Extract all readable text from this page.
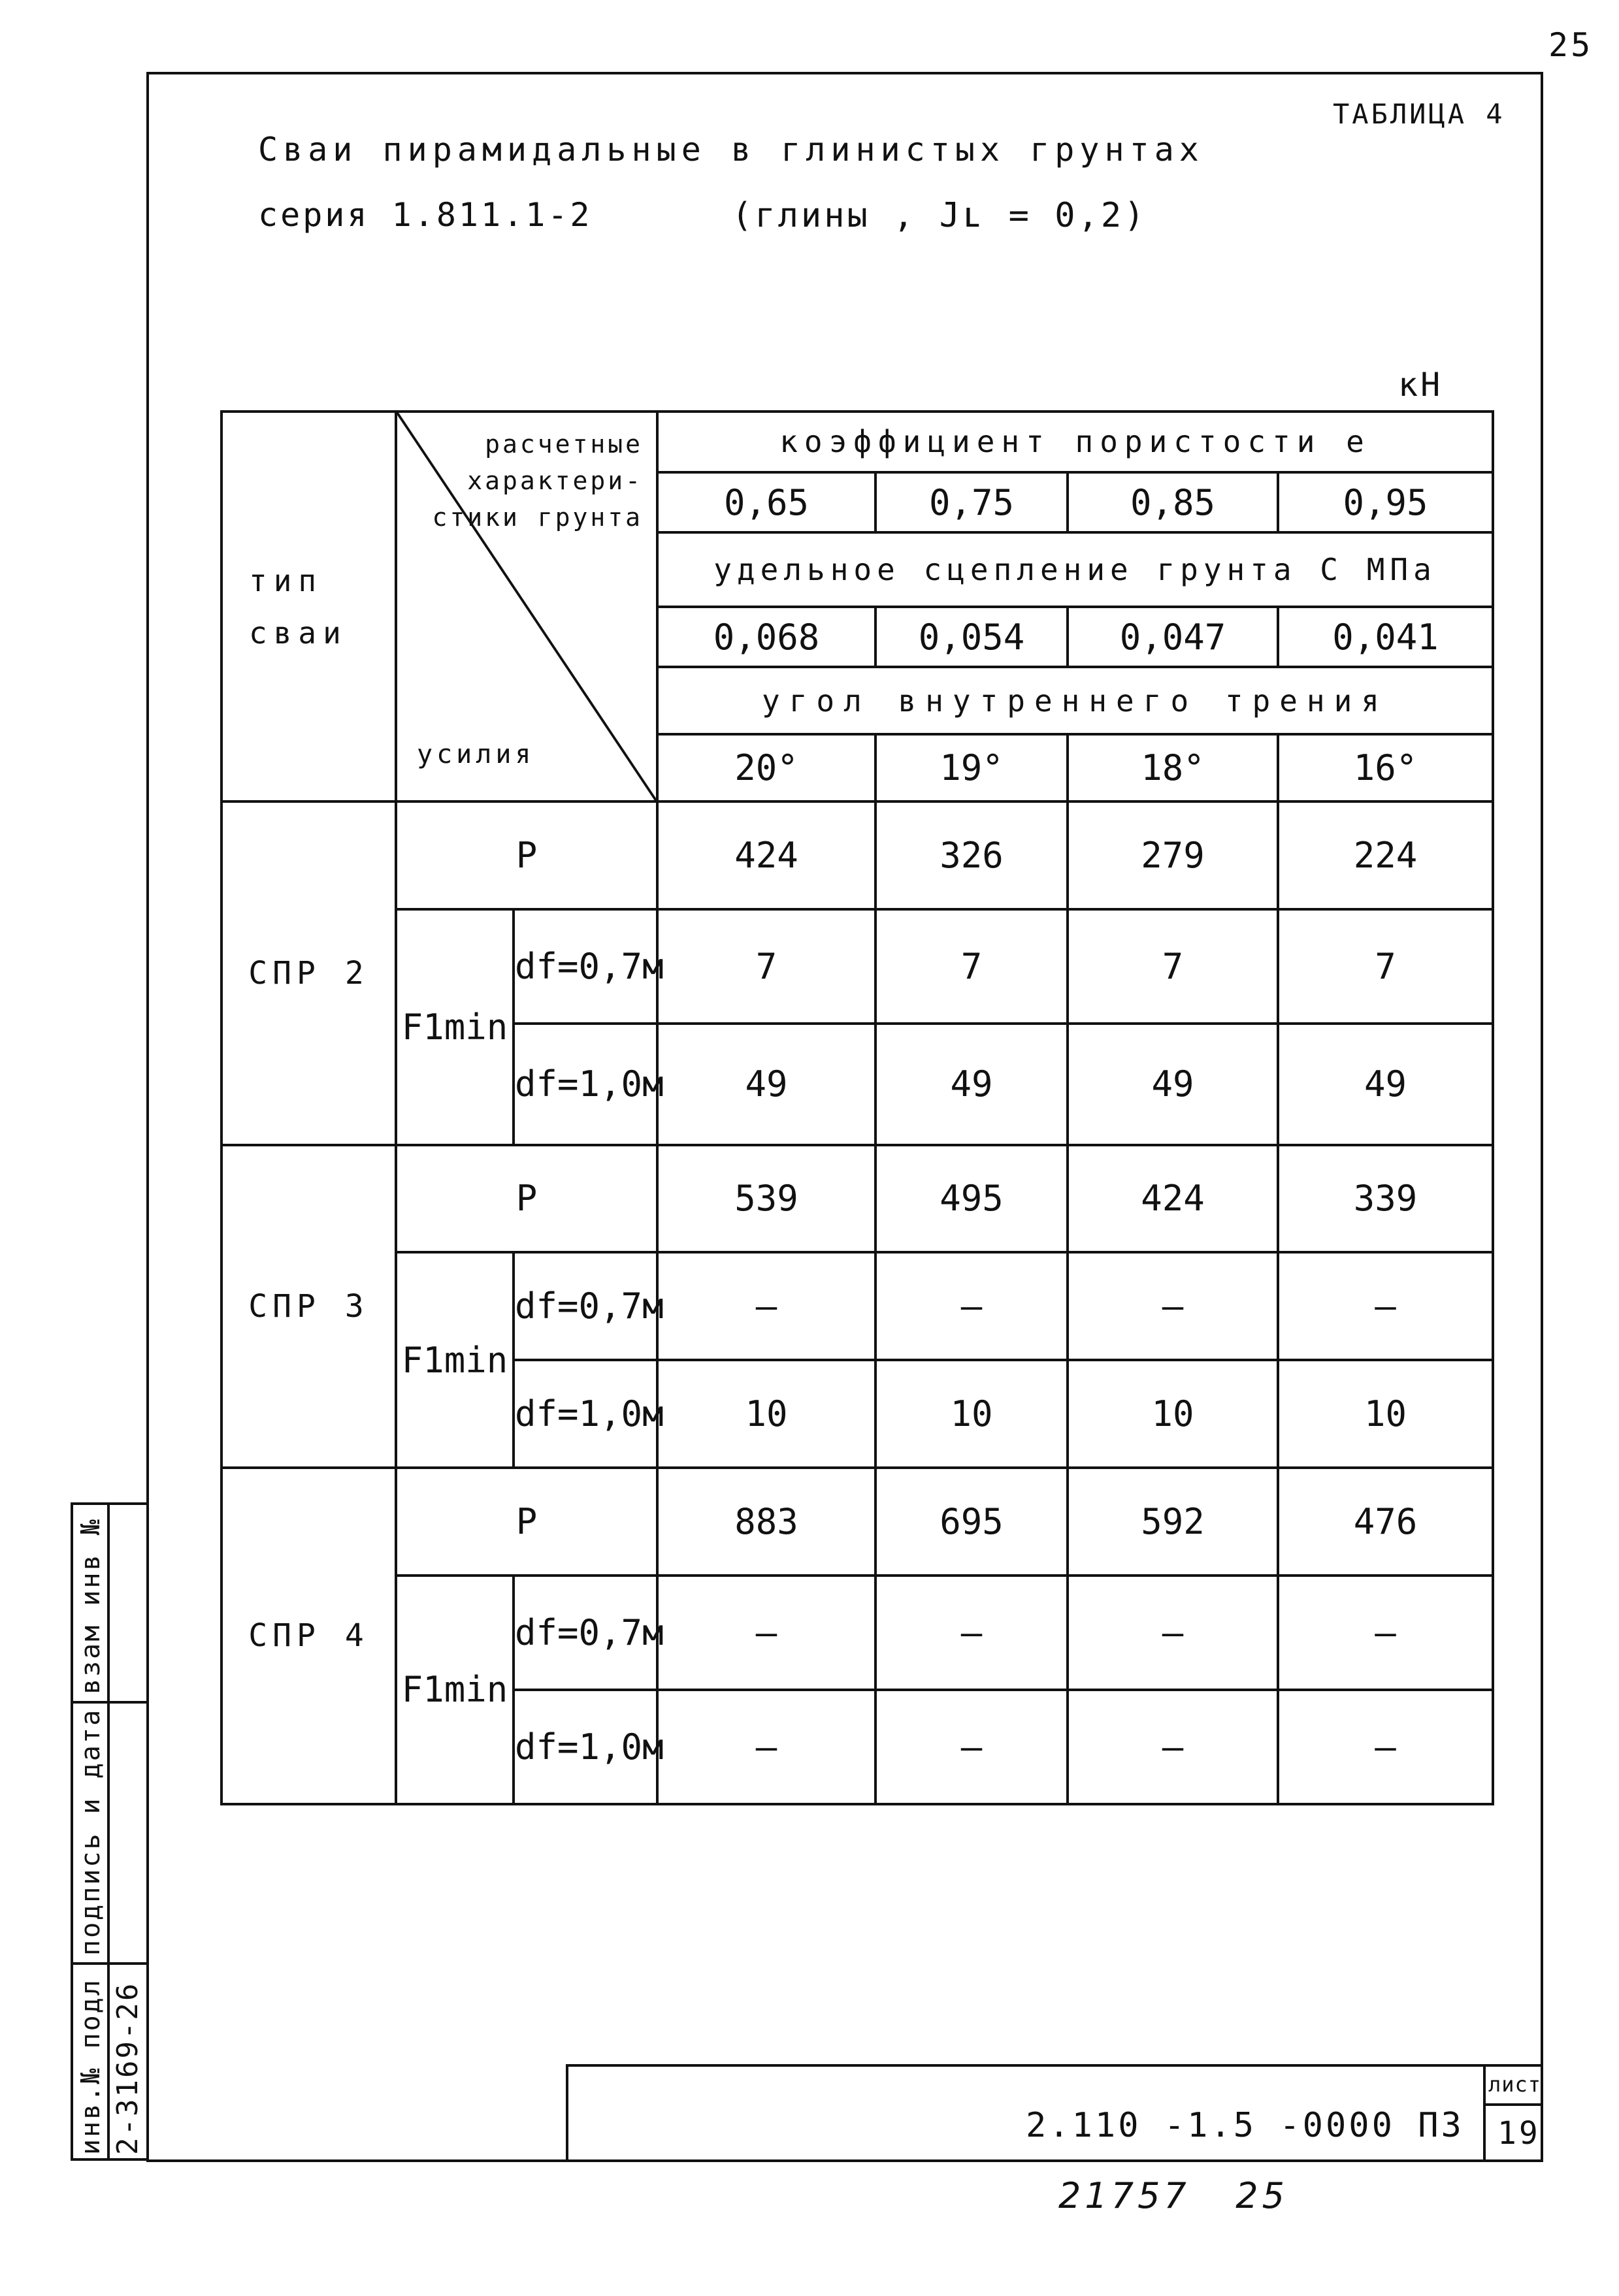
25
взам инв №
подпись и дата
инв.№ подл 2-3169-26
ТАБЛИЦА 4
Сваи пирамидальные в глинистых грунтах
серия 1.811.1-2	(глины , Jʟ = 0,2)
кН
тип сваи	расчетные характери-стики грунта
усилия		коэффициент пористости е			
			0,65	0,75	0,85	0,95
			удельное сцепление грунта С МПа			
			0,068	0,054	0,047	0,041
			угол внутреннего трения			
			20°	19°	18°	16°
СПР 2	Р		424	326	279	224
	F1min	df=0,7м	7	7	7	7
		df=1,0м	49	49	49	49
СПР 3	Р		539	495	424	339
	F1min	df=0,7м	—	—	—	—
		df=1,0м	10	10	10	10
СПР 4	Р		883	695	592	476
	F1min	df=0,7м	—	—	—	—
		df=1,0м	—	—	—	—
2.110 -1.5 -0000 ПЗ
лист
19
21757   25
